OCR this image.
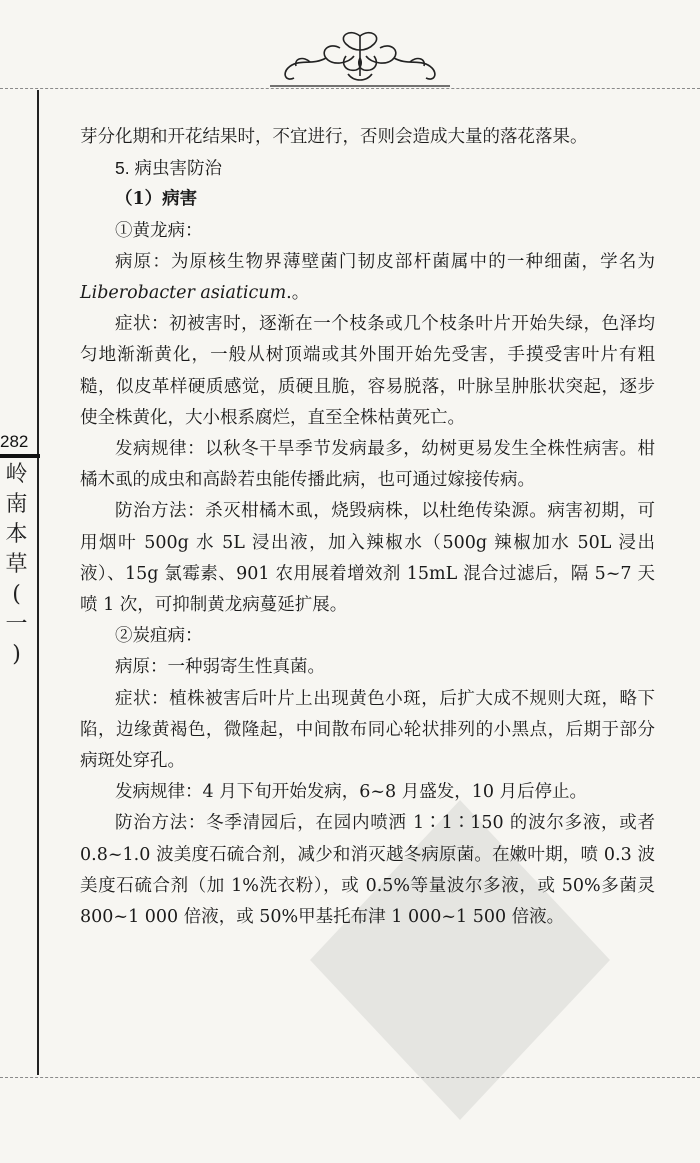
282
岭
南
本
草
(
一
)

芽分化期和开花结果时，不宜进行，否则会造成大量的落花落果。

5. 病虫害防治

（1）病害

①黄龙病：

病原：为原核生物界薄壁菌门韧皮部杆菌属中的一种细菌，学名为 Liberobacter asiaticum.。

症状：初被害时，逐渐在一个枝条或几个枝条叶片开始失绿，色泽均匀地渐渐黄化，一般从树顶端或其外围开始先受害，手摸受害叶片有粗糙，似皮革样硬质感觉，质硬且脆，容易脱落，叶脉呈肿胀状突起，逐步使全株黄化，大小根系腐烂，直至全株枯黄死亡。

发病规律：以秋冬干旱季节发病最多，幼树更易发生全株性病害。柑橘木虱的成虫和高龄若虫能传播此病，也可通过嫁接传病。

防治方法：杀灭柑橘木虱，烧毁病株，以杜绝传染源。病害初期，可用烟叶 500g 水 5L 浸出液，加入辣椒水（500g 辣椒加水 50L 浸出液）、15g 氯霉素、901 农用展着增效剂 15mL 混合过滤后，隔 5~7 天喷 1 次，可抑制黄龙病蔓延扩展。

②炭疽病：

病原：一种弱寄生性真菌。

症状：植株被害后叶片上出现黄色小斑，后扩大成不规则大斑，略下陷，边缘黄褐色，微隆起，中间散布同心轮状排列的小黑点，后期于部分病斑处穿孔。

发病规律：4 月下旬开始发病，6~8 月盛发，10 月后停止。

防治方法：冬季清园后，在园内喷洒 1∶1∶150 的波尔多液，或者 0.8~1.0 波美度石硫合剂，减少和消灭越冬病原菌。在嫩叶期，喷 0.3 波美度石硫合剂（加 1%洗衣粉），或 0.5%等量波尔多液，或 50%多菌灵 800~1 000 倍液，或 50%甲基托布津 1 000~1 500 倍液。
